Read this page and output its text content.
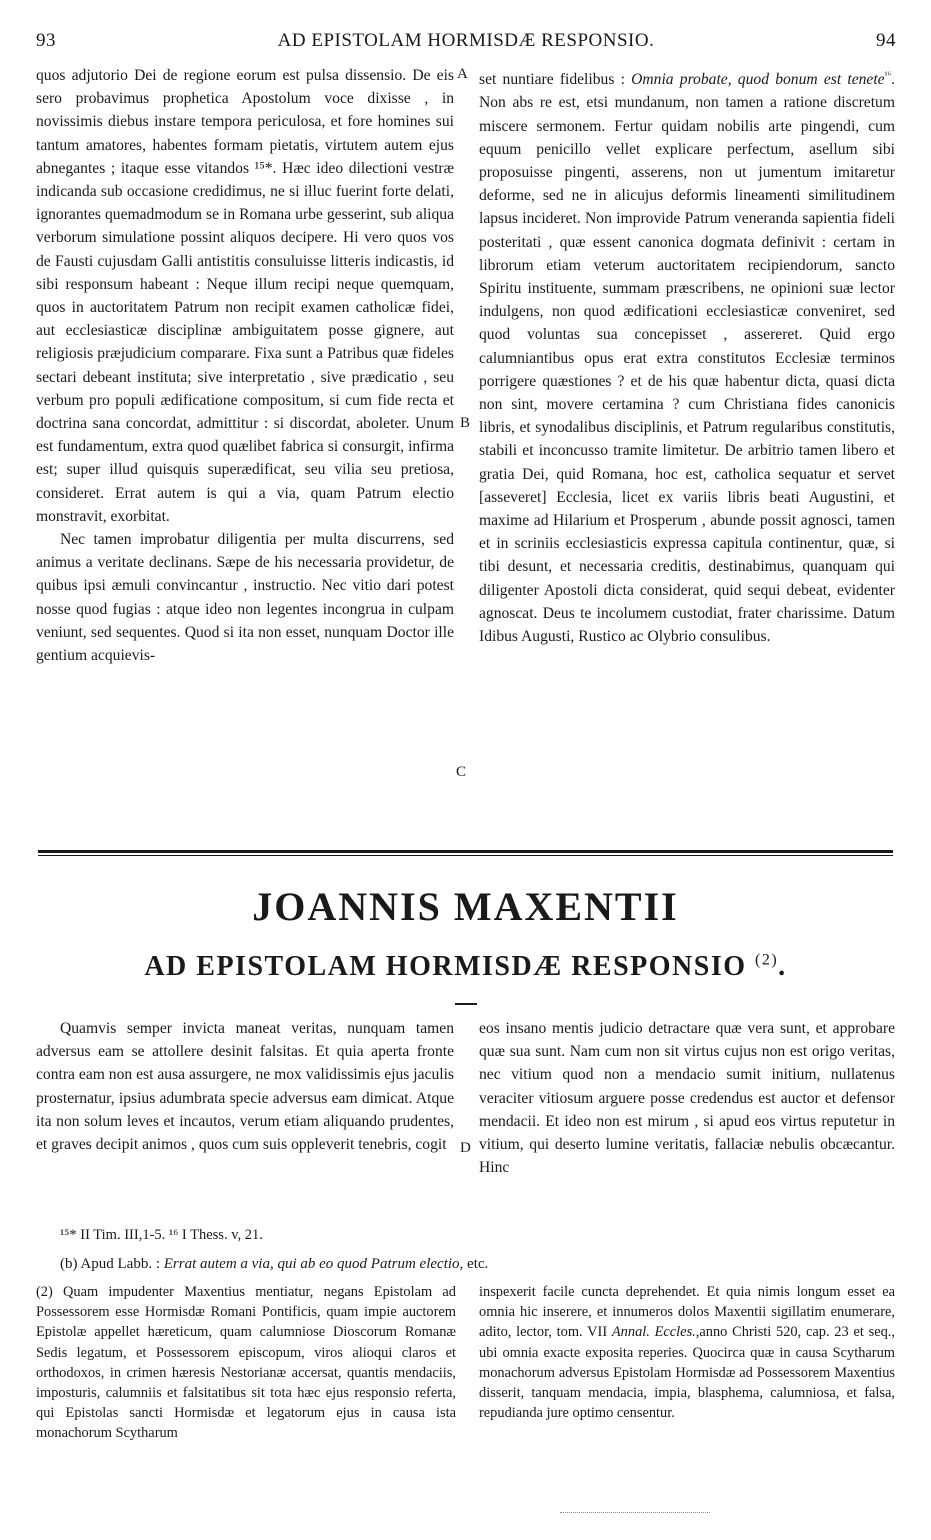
93	AD EPISTOLAM HORMISDÆ RESPONSIO.	94

quos adjutorio Dei de regione eorum est pulsa dissensio. De eis sero probavimus prophetica Apostolum voce dixisse , in novissimis diebus instare tempora periculosa, et fore homines sui tantum amatores, habentes formam pietatis, virtutem autem ejus abnegantes ; itaque esse vitandos ¹⁵*. Hæc ideo dilectioni vestræ indicanda sub occasione credidimus, ne si illuc fuerint forte delati, ignorantes quemadmodum se in Romana urbe gesserint, sub aliqua verborum simulatione possint aliquos decipere. Hi vero quos vos de Fausti cujusdam Galli antistitis consuluisse litteris indicastis, id sibi responsum habeant : Neque illum recipi neque quemquam, quos in auctoritatem Patrum non recipit examen catholicæ fidei, aut ecclesiasticæ disciplinæ ambiguitatem posse gignere, aut religiosis præjudicium comparare. Fixa sunt a Patribus quæ fideles sectari debeant instituta; sive interpretatio , sive prædicatio , seu verbum pro populi ædificatione compositum, si cum fide recta et doctrina sana concordat, admittitur : si discordat, aboleter. Unum est fundamentum, extra quod quælibet fabrica si consurgit, infirma est; super illud quisquis superædificat, seu vilia seu pretiosa, consideret. Errat autem is qui a via, quam Patrum electio monstravit, exorbitat.

Nec tamen improbatur diligentia per multa discurrens, sed animus a veritate declinans. Sæpe de his necessaria providetur, de quibus ipsi æmuli convincantur , instructio. Nec vitio dari potest nosse quod fugias : atque ideo non legentes incongrua in culpam veniunt, sed sequentes. Quod si ita non esset, nunquam Doctor ille gentium acquievis-

A
B
C

set nuntiare fidelibus : Omnia probate, quod bonum est tenete$^{^{16}}$. Non abs re est, etsi mundanum, non tamen a ratione discretum miscere sermonem. Fertur quidam nobilis arte pingendi, cum equum penicillo vellet explicare perfectum, asellum sibi proposuisse pingenti, asserens, non ut jumentum imitaretur deforme, sed ne in alicujus deformis lineamenti similitudinem lapsus incideret. Non improvide Patrum veneranda sapientia fideli posteritati , quæ essent canonica dogmata definivit : certam in librorum etiam veterum auctoritatem recipiendorum, sancto Spiritu instituente, summam præscribens, ne opinioni suæ lector indulgens, non quod ædificationi ecclesiasticæ conveniret, sed quod voluntas sua concepisset , assereret. Quid ergo calumniantibus opus erat extra constitutos Ecclesiæ terminos porrigere quæstiones ? et de his quæ habentur dicta, quasi dicta non sint, movere certamina ? cum Christiana fides canonicis libris, et synodalibus disciplinis, et Patrum regularibus constitutis, stabili et inconcusso tramite limitetur. De arbitrio tamen libero et gratia Dei, quid Romana, hoc est, catholica sequatur et servet [asseveret] Ecclesia, licet ex variis libris beati Augustini, et maxime ad Hilarium et Prosperum , abunde possit agnosci, tamen et in scriniis ecclesiasticis expressa capitula continentur, quæ, si tibi desunt, et necessaria creditis, destinabimus, quanquam qui diligenter Apostoli dicta considerat, quid sequi debeat, evidenter agnoscat. Deus te incolumem custodiat, frater charissime. Datum Idibus Augusti, Rustico ac Olybrio consulibus.

JOANNIS MAXENTII
AD EPISTOLAM HORMISDÆ RESPONSIO $^{(2)}$.

Quamvis semper invicta maneat veritas, nunquam tamen adversus eam se attollere desinit falsitas. Et quia aperta fronte contra eam non est ausa assurgere, ne mox validissimis ejus jaculis prosternatur, ipsius adumbrata specie adversus eam dimicat. Atque ita non solum leves et incautos, verum etiam aliquando prudentes, et graves decipit animos , quos cum suis oppleverit tenebris, cogit D

eos insano mentis judicio detractare quæ vera sunt, et approbare quæ sua sunt. Nam cum non sit virtus cujus non est origo veritas, nec vitium quod non a mendacio sumit initium, nullatenus veraciter vitiosum arguere posse credendus est auctor et defensor mendacii. Et ideo non est mirum , si apud eos virtus reputetur in vitium, qui deserto lumine veritatis, fallaciæ nebulis obcæcantur. Hinc

¹⁵* II Tim. III,1-5. ¹⁶ I Thess. v, 21.
(b) Apud Labb. : Errat autem a via, qui ab eo quod Patrum electio, etc.

(2) Quam impudenter Maxentius mentiatur, negans Epistolam ad Possessorem esse Hormisdæ Romani Pontificis, quam impie auctorem Epistolæ appellet hæreticum, quam calumniose Dioscorum Romanæ Sedis legatum, et Possessorem episcopum, viros alioqui claros et orthodoxos, in crimen hæresis Nestorianæ accersat, quantis mendaciis, imposturis, calumniis et falsitatibus sit tota hæc ejus responsio referta, qui Epistolas sancti Hormisdæ et legatorum ejus in causa ista monachorum Scytharum

inspexerit facile cuncta deprehendet. Et quia nimis longum esset ea omnia hic inserere, et innumeros dolos Maxentii sigillatim enumerare, adito, lector, tom. VII Annal. Eccles.,anno Christi 520, cap. 23 et seq., ubi omnia exacte exposita reperies. Quocirca quæ in causa Scytharum monachorum adversus Epistolam Hormisdæ ad Possessorem Maxentius disserit, tanquam mendacia, impia, blasphema, calumniosa, et falsa, repudianda jure optimo censentur.
